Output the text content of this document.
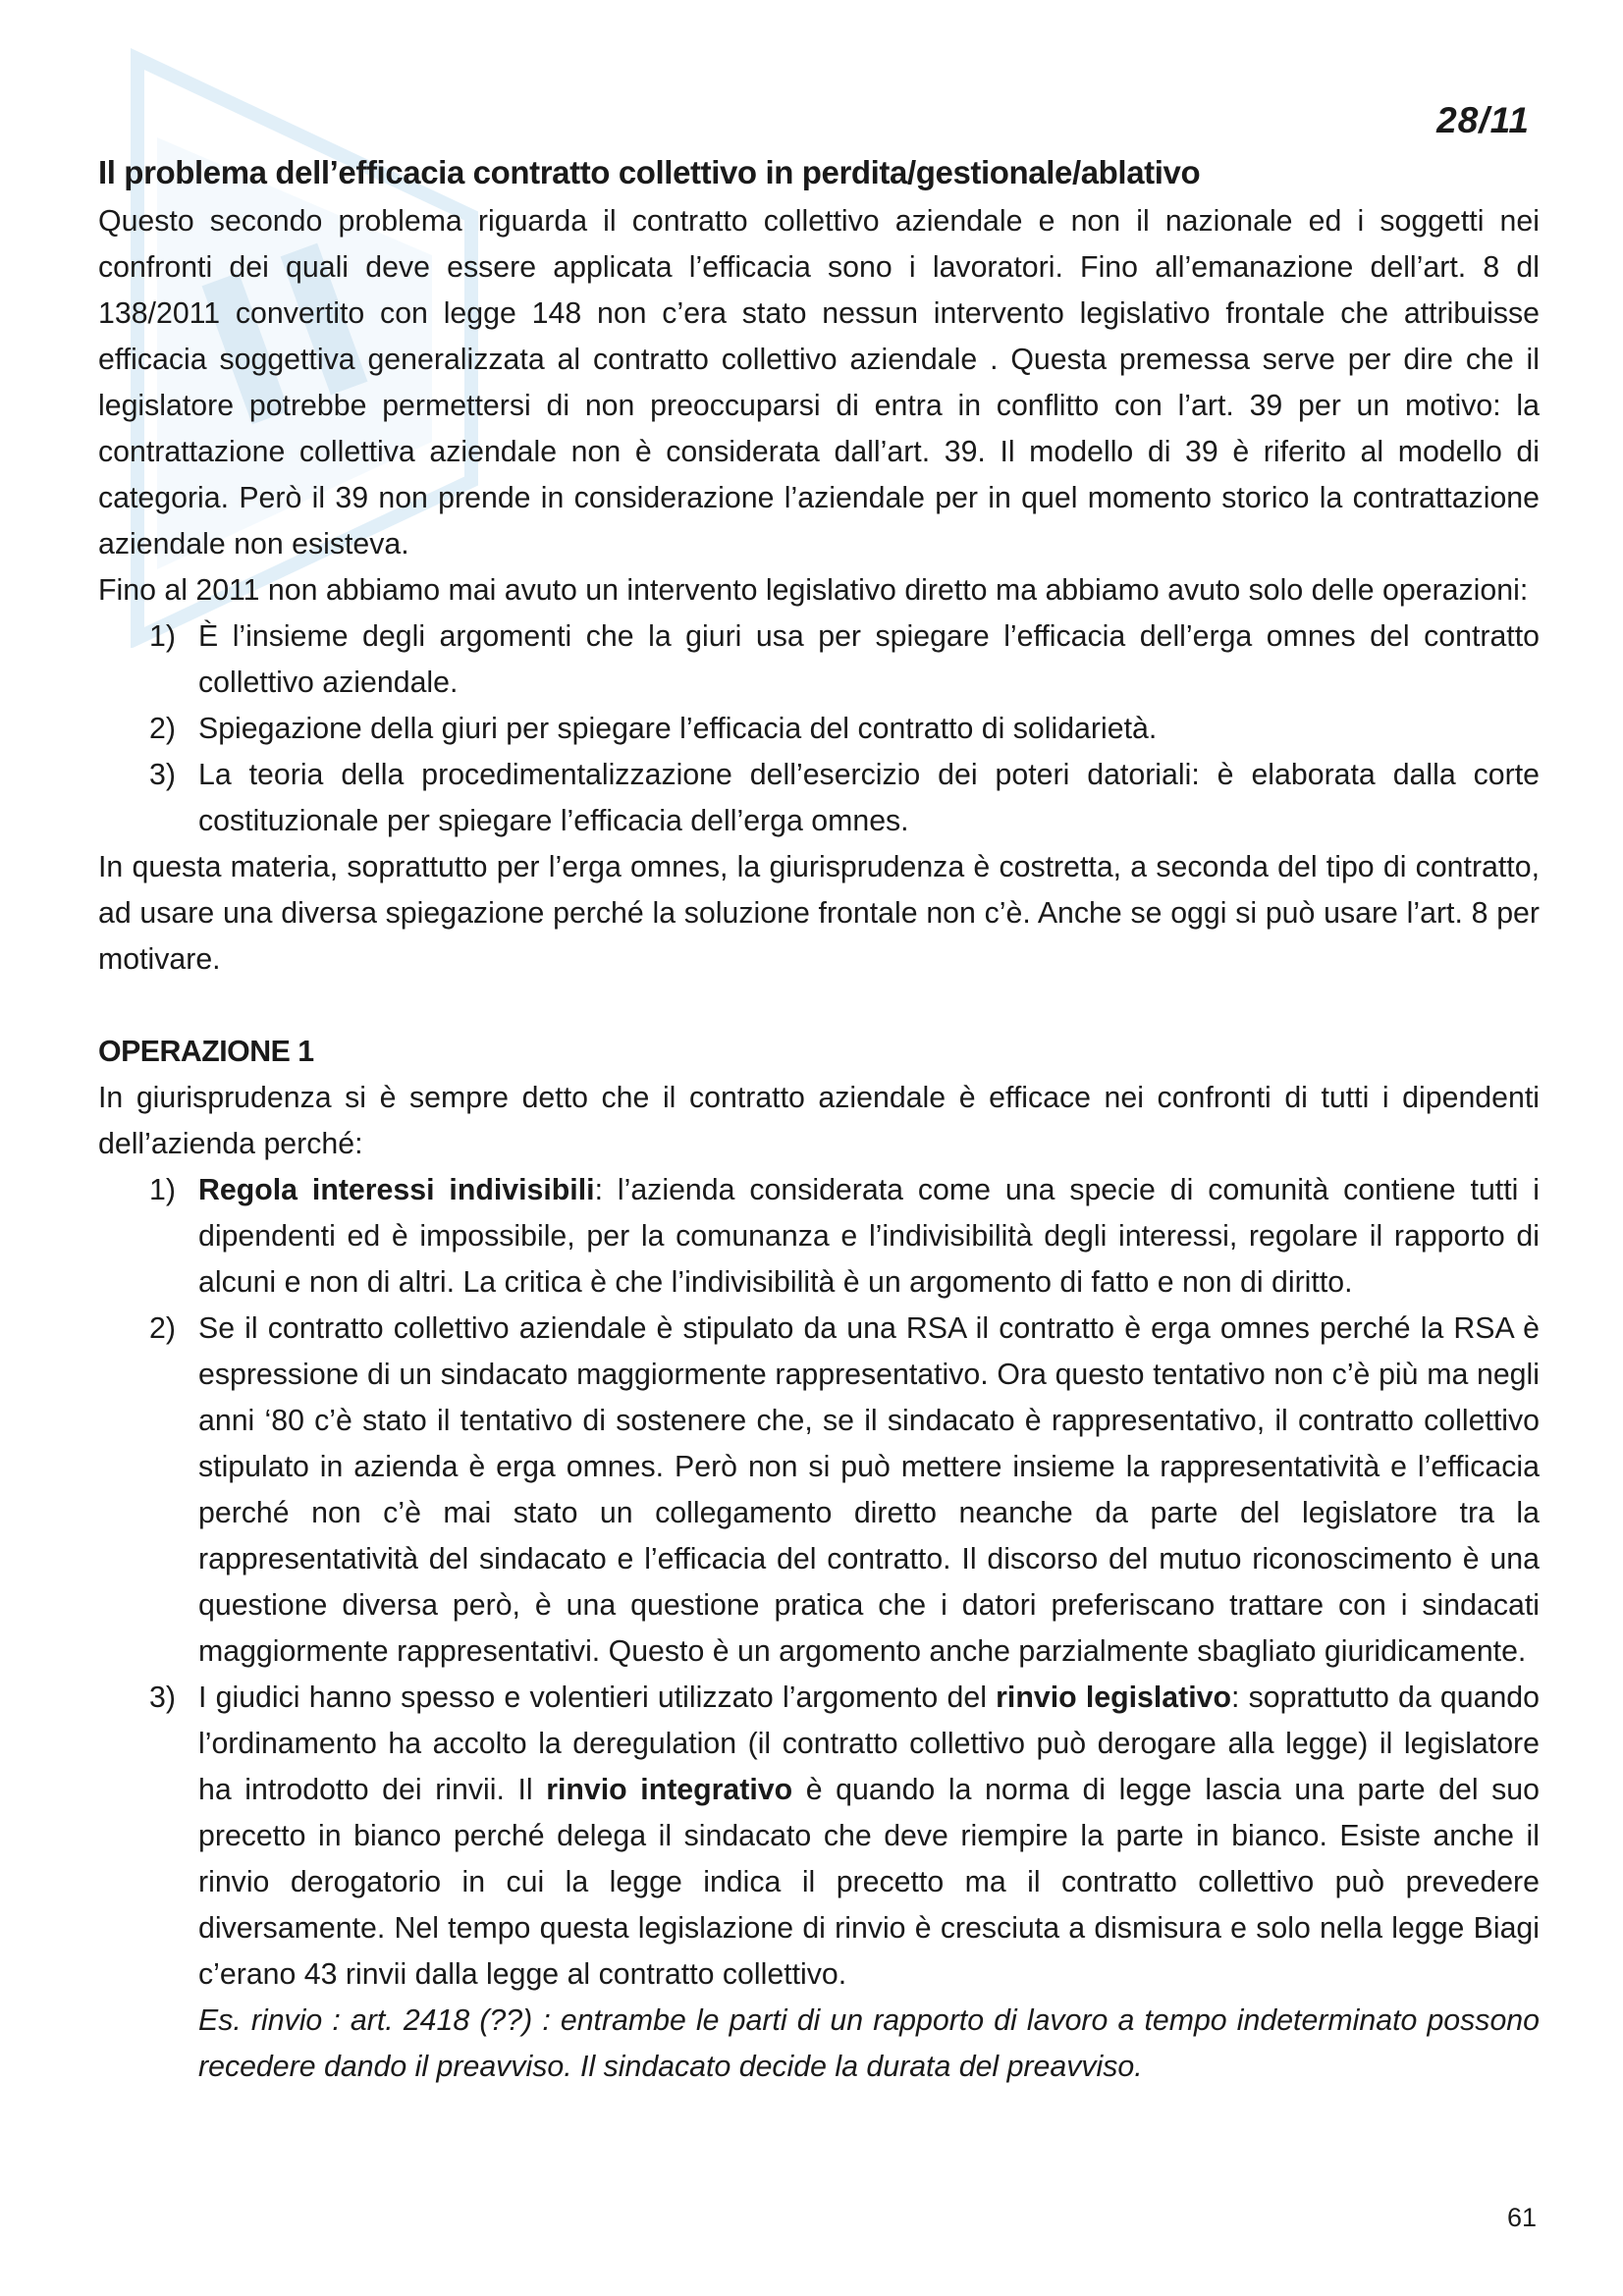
28/11
Il problema dell’efficacia contratto collettivo in perdita/gestionale/ablativo

Questo secondo problema riguarda il contratto collettivo aziendale e non il nazionale ed i soggetti nei confronti dei quali deve essere applicata l’efficacia sono i lavoratori. Fino all’emanazione dell’art. 8 dl 138/2011 convertito con legge 148 non c’era stato nessun intervento legislativo frontale che attribuisse efficacia soggettiva generalizzata al contratto collettivo aziendale . Questa premessa serve per dire che il legislatore potrebbe permettersi di non preoccuparsi di entra in conflitto con l’art. 39 per un motivo: la contrattazione collettiva aziendale non è considerata dall’art. 39. Il modello di 39 è riferito al modello di categoria. Però il 39 non prende in considerazione l’aziendale per in quel momento storico la contrattazione aziendale non esisteva.

Fino al 2011 non abbiamo mai avuto un intervento legislativo diretto ma abbiamo avuto solo delle operazioni:

1) È l’insieme degli argomenti che la giuri usa per spiegare l’efficacia dell’erga omnes del contratto collettivo aziendale.
2) Spiegazione della giuri per spiegare l’efficacia del contratto di solidarietà.
3) La teoria della procedimentalizzazione dell’esercizio dei poteri datoriali: è elaborata dalla corte costituzionale per spiegare l’efficacia dell’erga omnes.

In questa materia, soprattutto per l’erga omnes, la giurisprudenza è costretta, a seconda del tipo di contratto, ad usare una diversa spiegazione perché la soluzione frontale non c’è. Anche se oggi si può usare l’art. 8 per motivare.

OPERAZIONE 1

In giurisprudenza si è sempre detto che il contratto aziendale è efficace nei confronti di tutti i dipendenti dell’azienda perché:

1) Regola interessi indivisibili: l’azienda considerata come una specie di comunità contiene tutti i dipendenti ed è impossibile, per la comunanza e l’indivisibilità degli interessi, regolare il rapporto di alcuni e non di altri. La critica è che l’indivisibilità è un argomento di fatto e non di diritto.
2) Se il contratto collettivo aziendale è stipulato da una RSA il contratto è erga omnes perché la RSA è espressione di un sindacato maggiormente rappresentativo. Ora questo tentativo non c’è più ma negli anni ‘80 c’è stato il tentativo di sostenere che, se il sindacato è rappresentativo, il contratto collettivo stipulato in azienda è erga omnes. Però non si può mettere insieme la rappresentatività e l’efficacia perché non c’è mai stato un collegamento diretto neanche da parte del legislatore tra la rappresentatività del sindacato e l’efficacia del contratto. Il discorso del mutuo riconoscimento è una questione diversa però, è una questione pratica che i datori preferiscano trattare con i sindacati maggiormente rappresentativi. Questo è un argomento anche parzialmente sbagliato giuridicamente.
3) I giudici hanno spesso e volentieri utilizzato l’argomento del rinvio legislativo: soprattutto da quando l’ordinamento ha accolto la deregulation (il contratto collettivo può derogare alla legge) il legislatore ha introdotto dei rinvii. Il rinvio integrativo è quando la norma di legge lascia una parte del suo precetto in bianco perché delega il sindacato che deve riempire la parte in bianco. Esiste anche il rinvio derogatorio in cui la legge indica il precetto ma il contratto collettivo può prevedere diversamente. Nel tempo questa legislazione di rinvio è cresciuta a dismisura e solo nella legge Biagi c’erano 43 rinvii dalla legge al contratto collettivo.
Es. rinvio : art. 2418 (??) : entrambe le parti di un rapporto di lavoro a tempo indeterminato possono recedere dando il preavviso. Il sindacato decide la durata del preavviso.
61
